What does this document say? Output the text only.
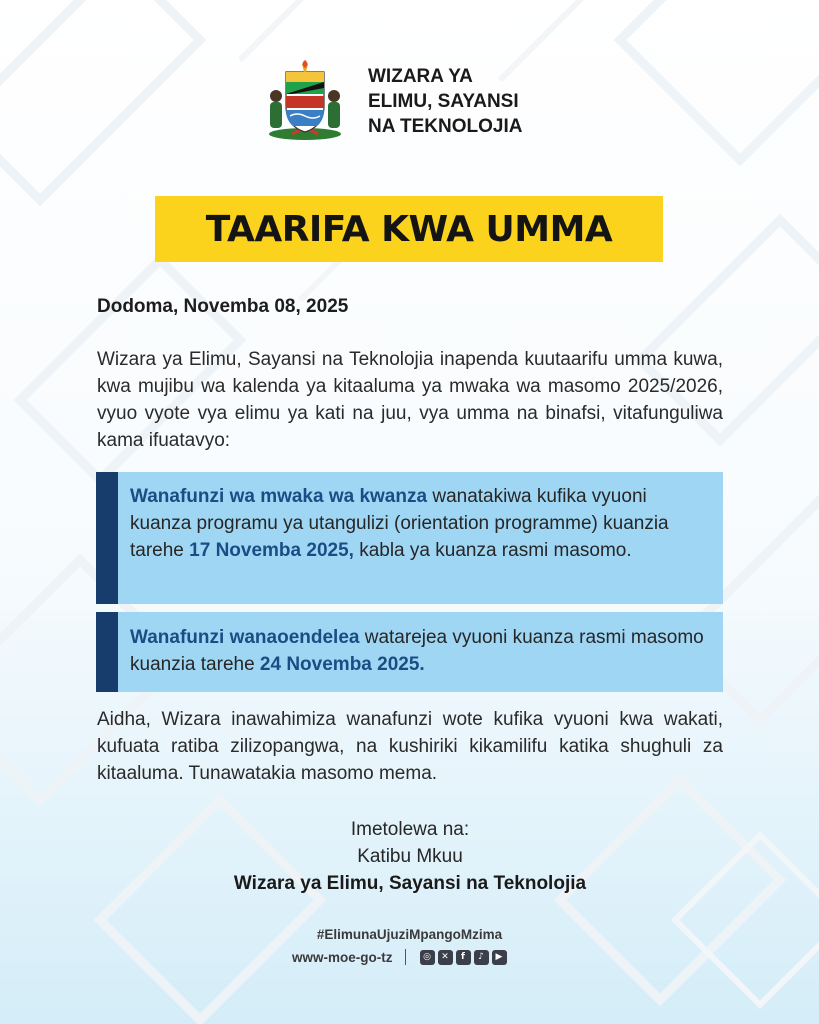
WIZARA YA
ELIMU, SAYANSI
NA TEKNOLOJIA
TAARIFA KWA UMMA
Dodoma, Novemba 08, 2025
Wizara ya Elimu, Sayansi na Teknolojia inapenda kuutaarifu umma kuwa, kwa mujibu wa kalenda ya kitaaluma ya mwaka wa masomo 2025/2026, vyuo vyote vya elimu ya kati na juu, vya umma na binafsi, vitafunguliwa kama ifuatavyo:
Wanafunzi wa mwaka wa kwanza wanatakiwa kufika vyuoni kuanza programu ya utangulizi (orientation programme) kuanzia tarehe 17 Novemba 2025, kabla ya kuanza rasmi masomo.
Wanafunzi wanaoendelea watarejea vyuoni kuanza rasmi masomo kuanzia tarehe 24 Novemba 2025.
Aidha, Wizara inawahimiza wanafunzi wote kufika vyuoni kwa wakati, kufuata ratiba zilizopangwa, na kushiriki kikamilifu katika shughuli za kitaaluma. Tunawatakia masomo mema.
Imetolewa na:
Katibu Mkuu
Wizara ya Elimu, Sayansi na Teknolojia
#ElimunaUjuziMpangoMzima
www-moe-go-tz	◎	✕	f	♪	▶
